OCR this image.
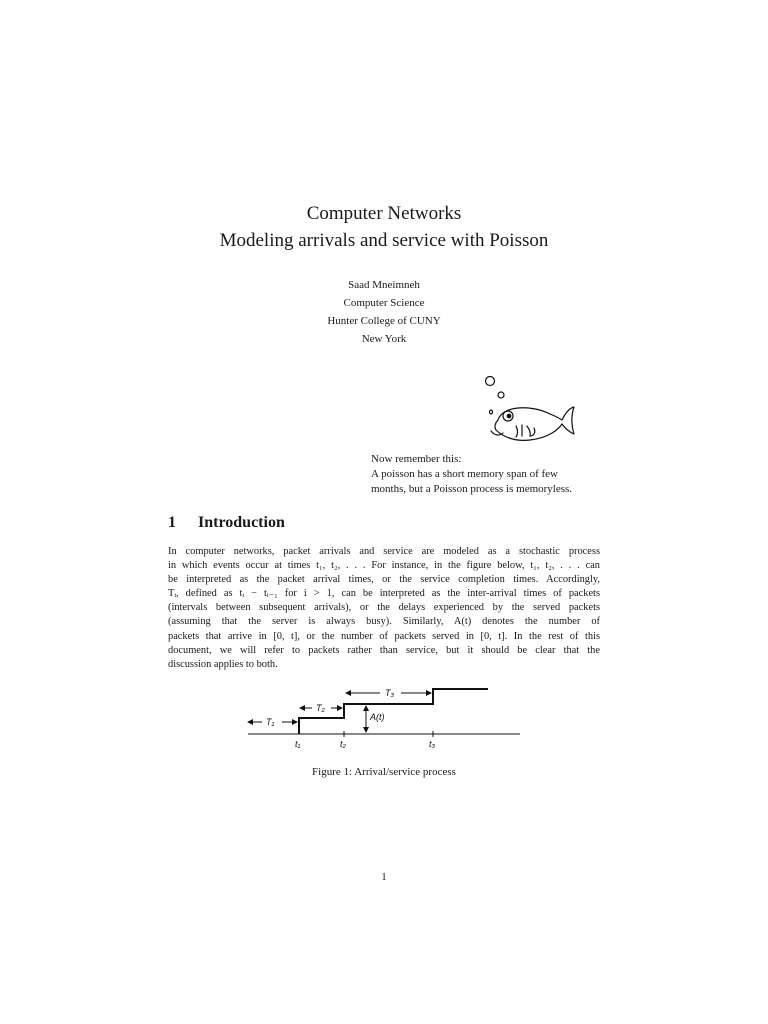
Computer Networks
Modeling arrivals and service with Poisson
Saad Mneimneh
Computer Science
Hunter College of CUNY
New York
Now remember this:
A poisson has a short memory span of few
months, but a Poisson process is memoryless.
1 Introduction
In computer networks, packet arrivals and service are modeled as a stochastic process
in which events occur at times t₁, t₂, . . . For instance, in the figure below, t₁, t₂, . . . can
be interpreted as the packet arrival times, or the service completion times. Accordingly,
Tᵢ, defined as tᵢ − tᵢ₋₁ for i > 1, can be interpreted as the inter-arrival times of packets
(intervals between subsequent arrivals), or the delays experienced by the served packets
(assuming that the server is always busy). Similarly, A(t) denotes the number of
packets that arrive in [0, t], or the number of packets served in [0, t]. In the rest of this
document, we will refer to packets rather than service, but it should be clear that the
discussion applies to both.
T₁
T₂
T₃
A(t)
t₁	t₂	t₃
Figure 1: Arrival/service process
1
